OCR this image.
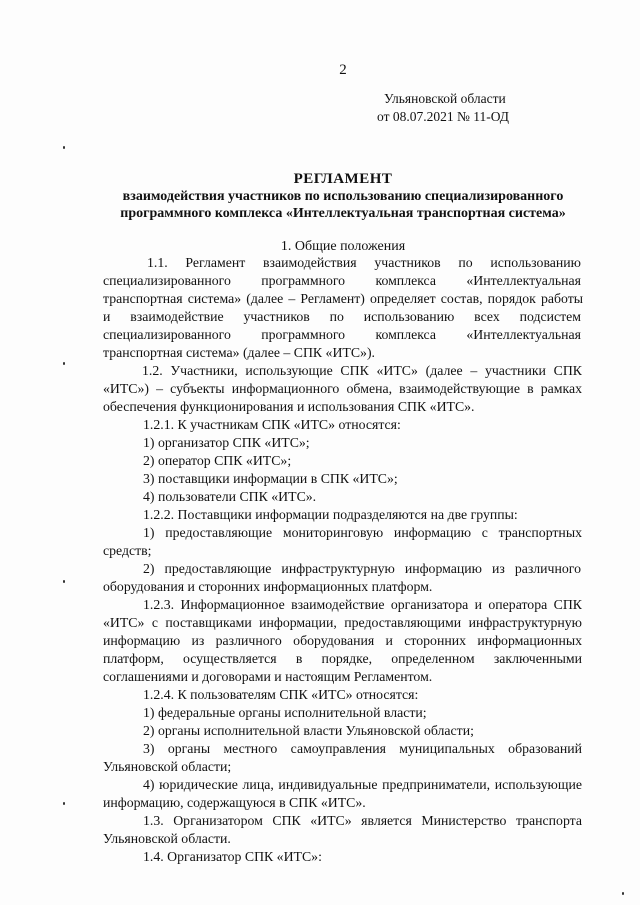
2
Ульяновской области
от 08.07.2021 № 11-ОД
РЕГЛАМЕНТ
взаимодействия участников по использованию специализированного
программного комплекса «Интеллектуальная транспортная система»
1. Общие положения
1.1. Регламент взаимодействия участников по использованию
специализированного программного комплекса «Интеллектуальная
транспортная система» (далее – Регламент) определяет состав, порядок работы
и взаимодействие участников по использованию всех подсистем
специализированного программного комплекса «Интеллектуальная
транспортная система» (далее – СПК «ИТС»).
1.2. Участники, использующие СПК «ИТС» (далее – участники СПК
«ИТС») – субъекты информационного обмена, взаимодействующие в рамках
обеспечения функционирования и использования СПК «ИТС».
1.2.1. К участникам СПК «ИТС» относятся:
1) организатор СПК «ИТС»;
2) оператор СПК «ИТС»;
3) поставщики информации в СПК «ИТС»;
4) пользователи СПК «ИТС».
1.2.2. Поставщики информации подразделяются на две группы:
1) предоставляющие мониторинговую информацию с транспортных
средств;
2) предоставляющие инфраструктурную информацию из различного
оборудования и сторонних информационных платформ.
1.2.3. Информационное взаимодействие организатора и оператора СПК
«ИТС» с поставщиками информации, предоставляющими инфраструктурную
информацию из различного оборудования и сторонних информационных
платформ, осуществляется в порядке, определенном заключенными
соглашениями и договорами и настоящим Регламентом.
1.2.4. К пользователям СПК «ИТС» относятся:
1) федеральные органы исполнительной власти;
2) органы исполнительной власти Ульяновской области;
3) органы местного самоуправления муниципальных образований
Ульяновской области;
4) юридические лица, индивидуальные предприниматели, использующие
информацию, содержащуюся в СПК «ИТС».
1.3. Организатором СПК «ИТС» является Министерство транспорта
Ульяновской области.
1.4. Организатор СПК «ИТС»:
